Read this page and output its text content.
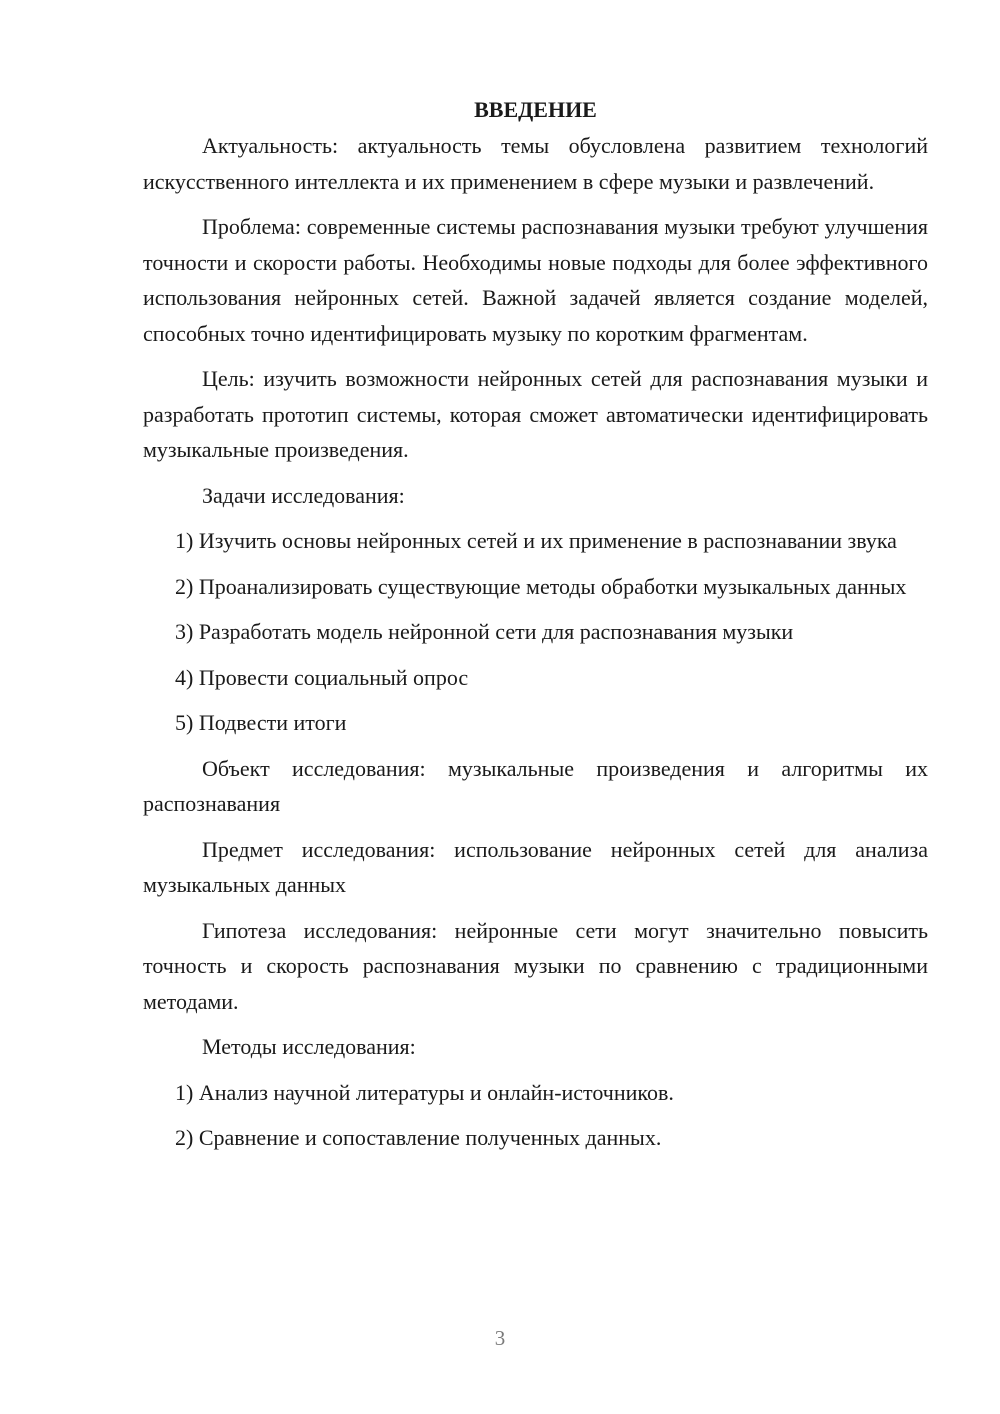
ВВЕДЕНИЕ

Актуальность: актуальность темы обусловлена развитием технологий искусственного интеллекта и их применением в сфере музыки и развлечений.

Проблема: современные системы распознавания музыки требуют улучшения точности и скорости работы. Необходимы новые подходы для более эффективного использования нейронных сетей. Важной задачей является создание моделей, способных точно идентифицировать музыку по коротким фрагментам.

Цель: изучить возможности нейронных сетей для распознавания музыки и разработать прототип системы, которая сможет автоматически идентифицировать музыкальные произведения.

Задачи исследования:

1) Изучить основы нейронных сетей и их применение в распознавании звука

2) Проанализировать существующие методы обработки музыкальных данных

3) Разработать модель нейронной сети для распознавания музыки

4) Провести социальный опрос

5) Подвести итоги

Объект исследования: музыкальные произведения и алгоритмы их распознавания

Предмет исследования: использование нейронных сетей для анализа музыкальных данных

Гипотеза исследования: нейронные сети могут значительно повысить точность и скорость распознавания музыки по сравнению с традиционными методами.

Методы исследования:

1) Анализ научной литературы и онлайн-источников.

2) Сравнение и сопоставление полученных данных.

3
